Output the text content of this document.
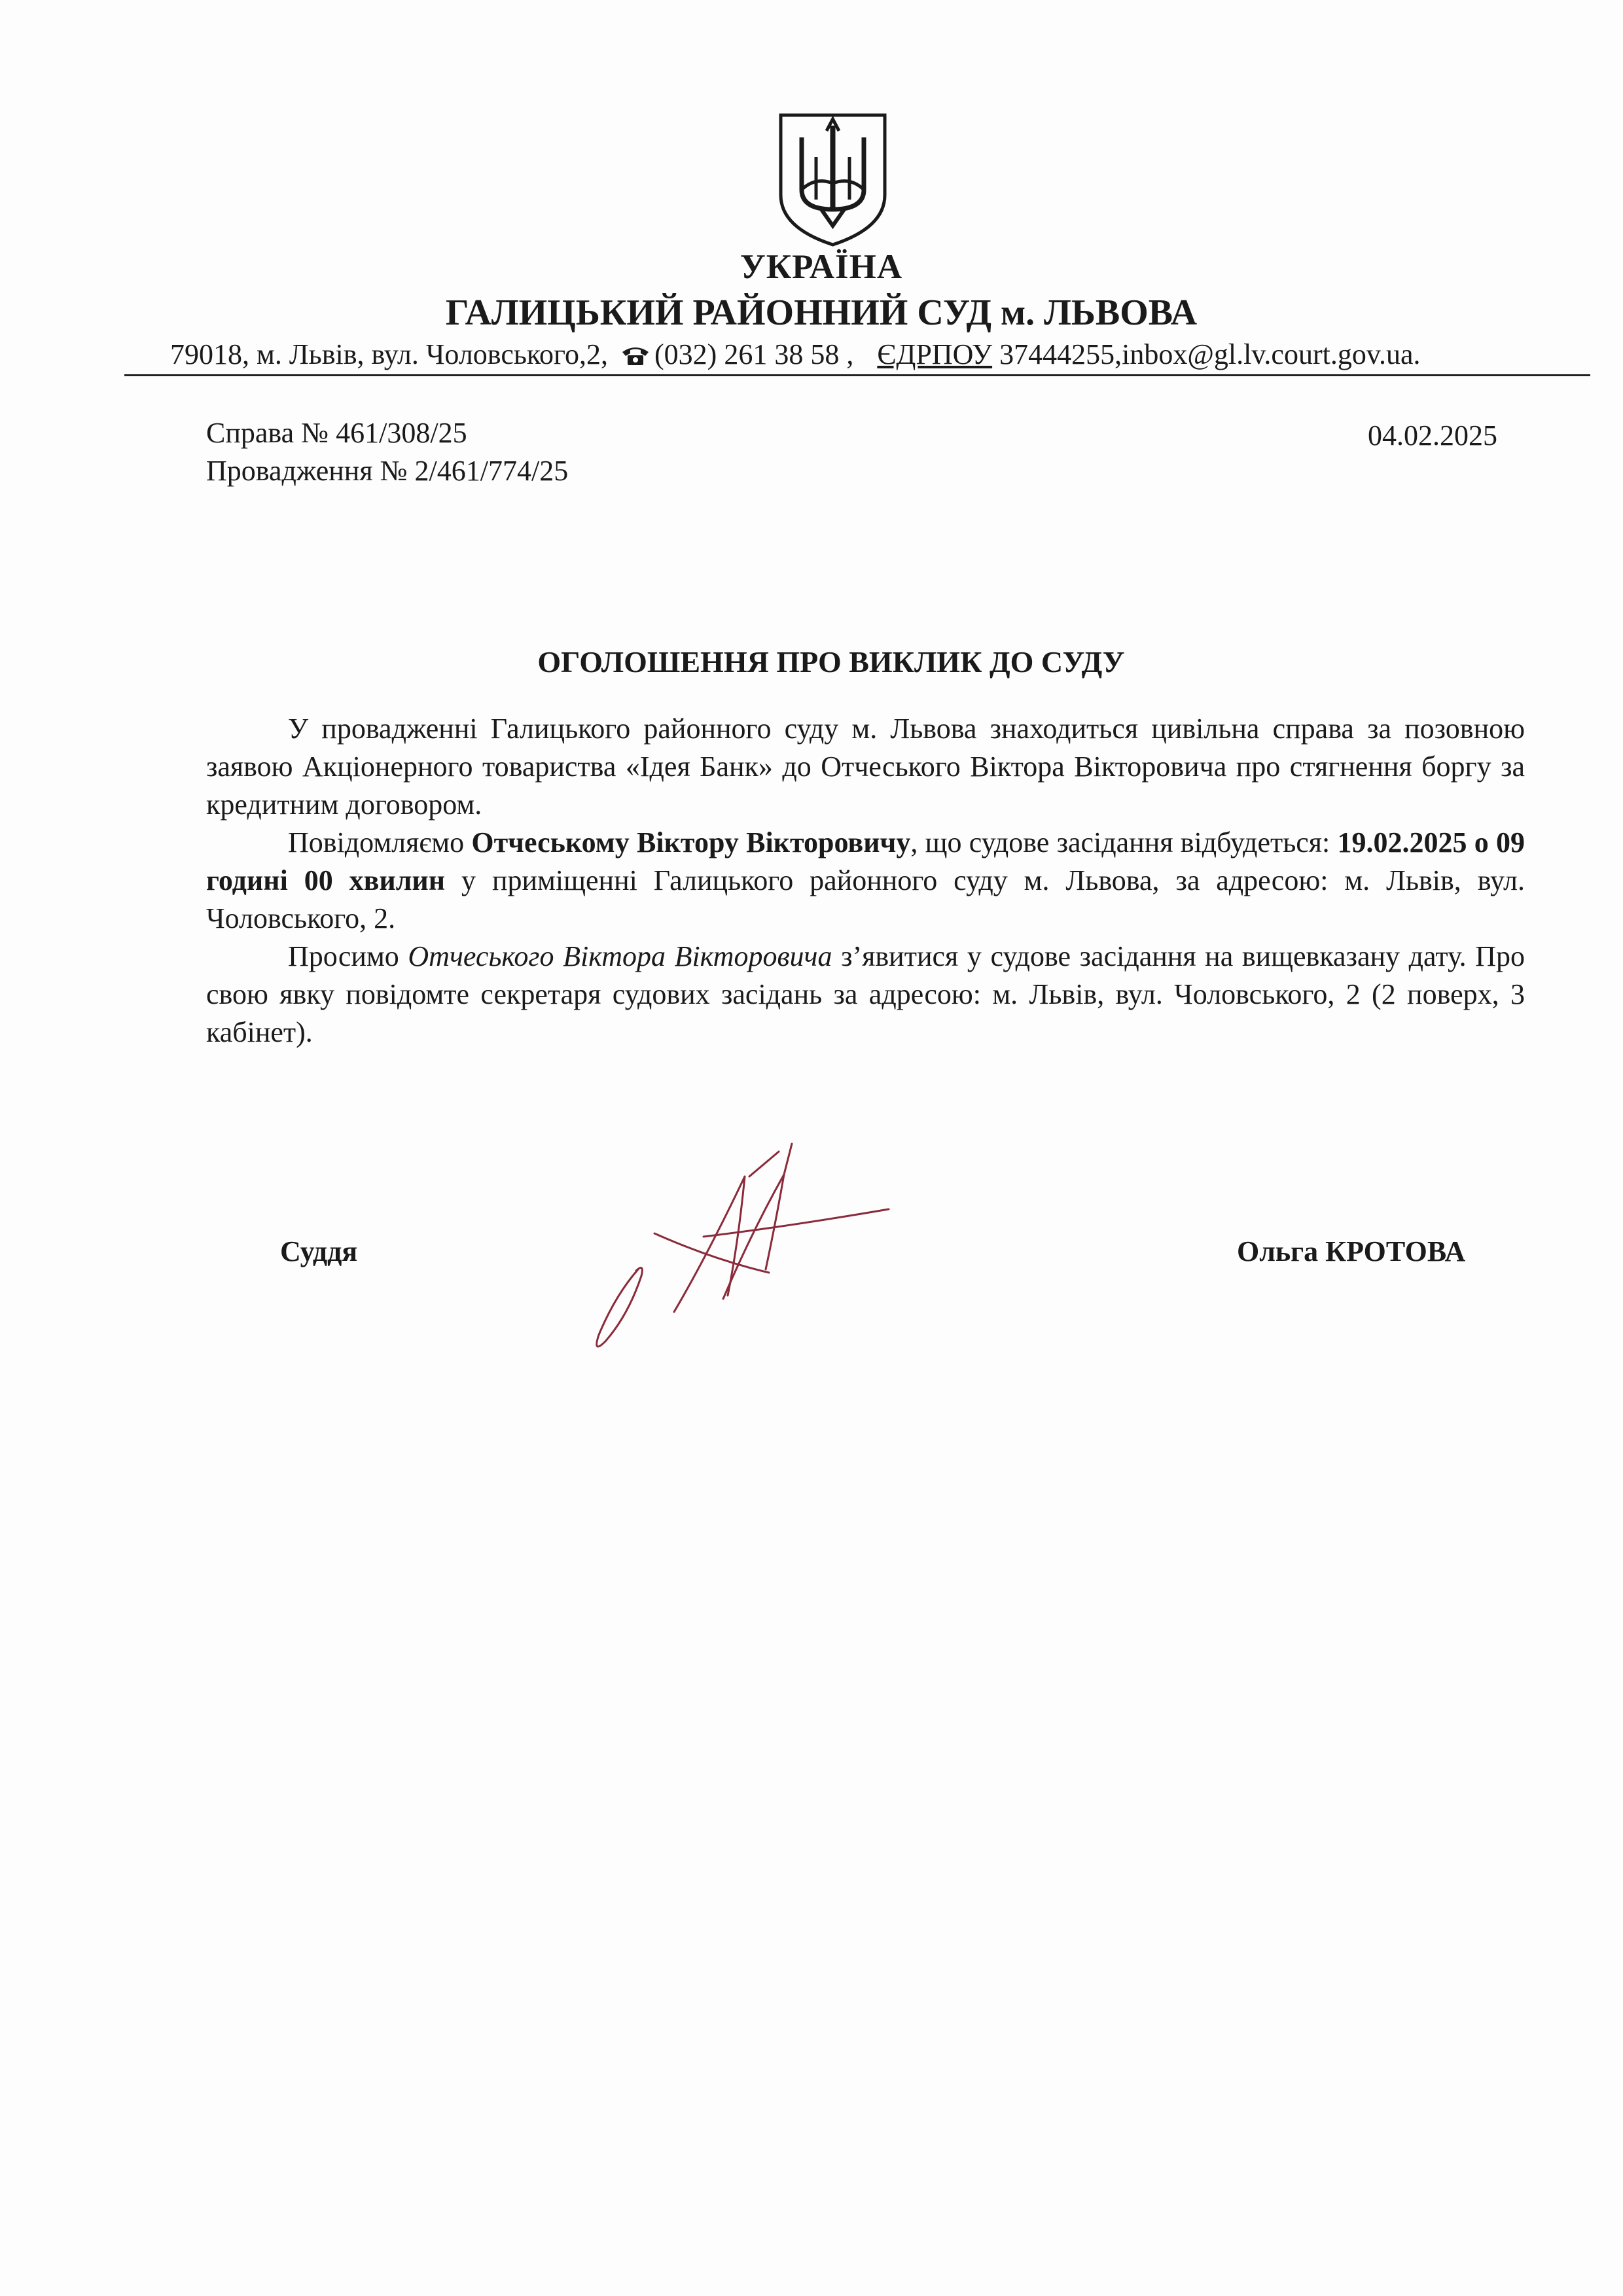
УКРАЇНА
ГАЛИЦЬКИЙ РАЙОННИЙ СУД м. ЛЬВОВА
79018, м. Львів, вул. Чоловського,2, (032) 261 38 58 , ЄДРПОУ 37444255,inbox@gl.lv.court.gov.ua.
Справа № 461/308/25
Провадження № 2/461/774/25
04.02.2025
ОГОЛОШЕННЯ ПРО ВИКЛИК ДО СУДУ

У провадженні Галицького районного суду м. Львова знаходиться цивільна справа за позовною заявою Акціонерного товариства «Ідея Банк» до Отчеського Віктора Вікторовича про стягнення боргу за кредитним договором.

Повідомляємо Отчеському Віктору Вікторовичу, що судове засідання відбудеться: 19.02.2025 о 09 годині 00 хвилин у приміщенні Галицького районного суду м. Львова, за адресою: м. Львів, вул. Чоловського, 2.

Просимо Отчеського Віктора Вікторовича з’явитися у судове засідання на вищевказану дату. Про свою явку повідомте секретаря судових засідань за адресою: м. Львів, вул. Чоловського, 2 (2 поверх, 3 кабінет).

Суддя	Ольга КРОТОВА
